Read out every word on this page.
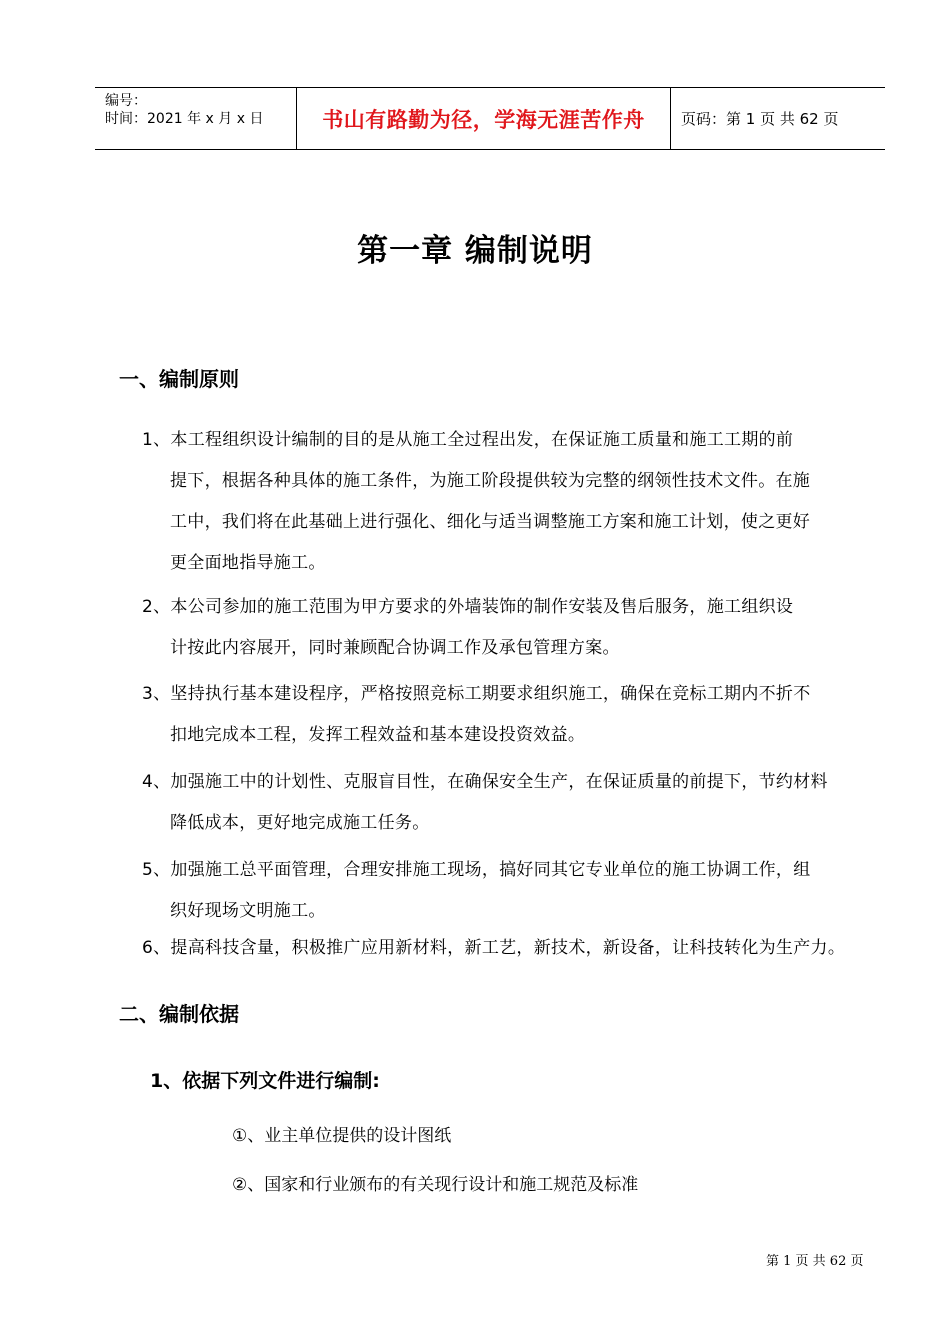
编号：
时间：2021 年 x 月 x 日	书山有路勤为径，学海无涯苦作舟 页码：第 1 页 共 62 页
第一章 编制说明
一、编制原则
1、本工程组织设计编制的目的是从施工全过程出发，在保证施工质量和施工工期的前
提下，根据各种具体的施工条件，为施工阶段提供较为完整的纲领性技术文件。在施
工中，我们将在此基础上进行强化、细化与适当调整施工方案和施工计划，使之更好
更全面地指导施工。
2、本公司参加的施工范围为甲方要求的外墙装饰的制作安装及售后服务，施工组织设
计按此内容展开，同时兼顾配合协调工作及承包管理方案。
3、坚持执行基本建设程序，严格按照竞标工期要求组织施工，确保在竞标工期内不折不
扣地完成本工程，发挥工程效益和基本建设投资效益。
4、加强施工中的计划性、克服盲目性，在确保安全生产，在保证质量的前提下，节约材料
降低成本，更好地完成施工任务。
5、加强施工总平面管理，合理安排施工现场，搞好同其它专业单位的施工协调工作，组
织好现场文明施工。
6、提高科技含量，积极推广应用新材料，新工艺，新技术，新设备，让科技转化为生产力。
二、编制依据
1、依据下列文件进行编制:
①、业主单位提供的设计图纸
②、国家和行业颁布的有关现行设计和施工规范及标准
第 1 页 共 62 页
